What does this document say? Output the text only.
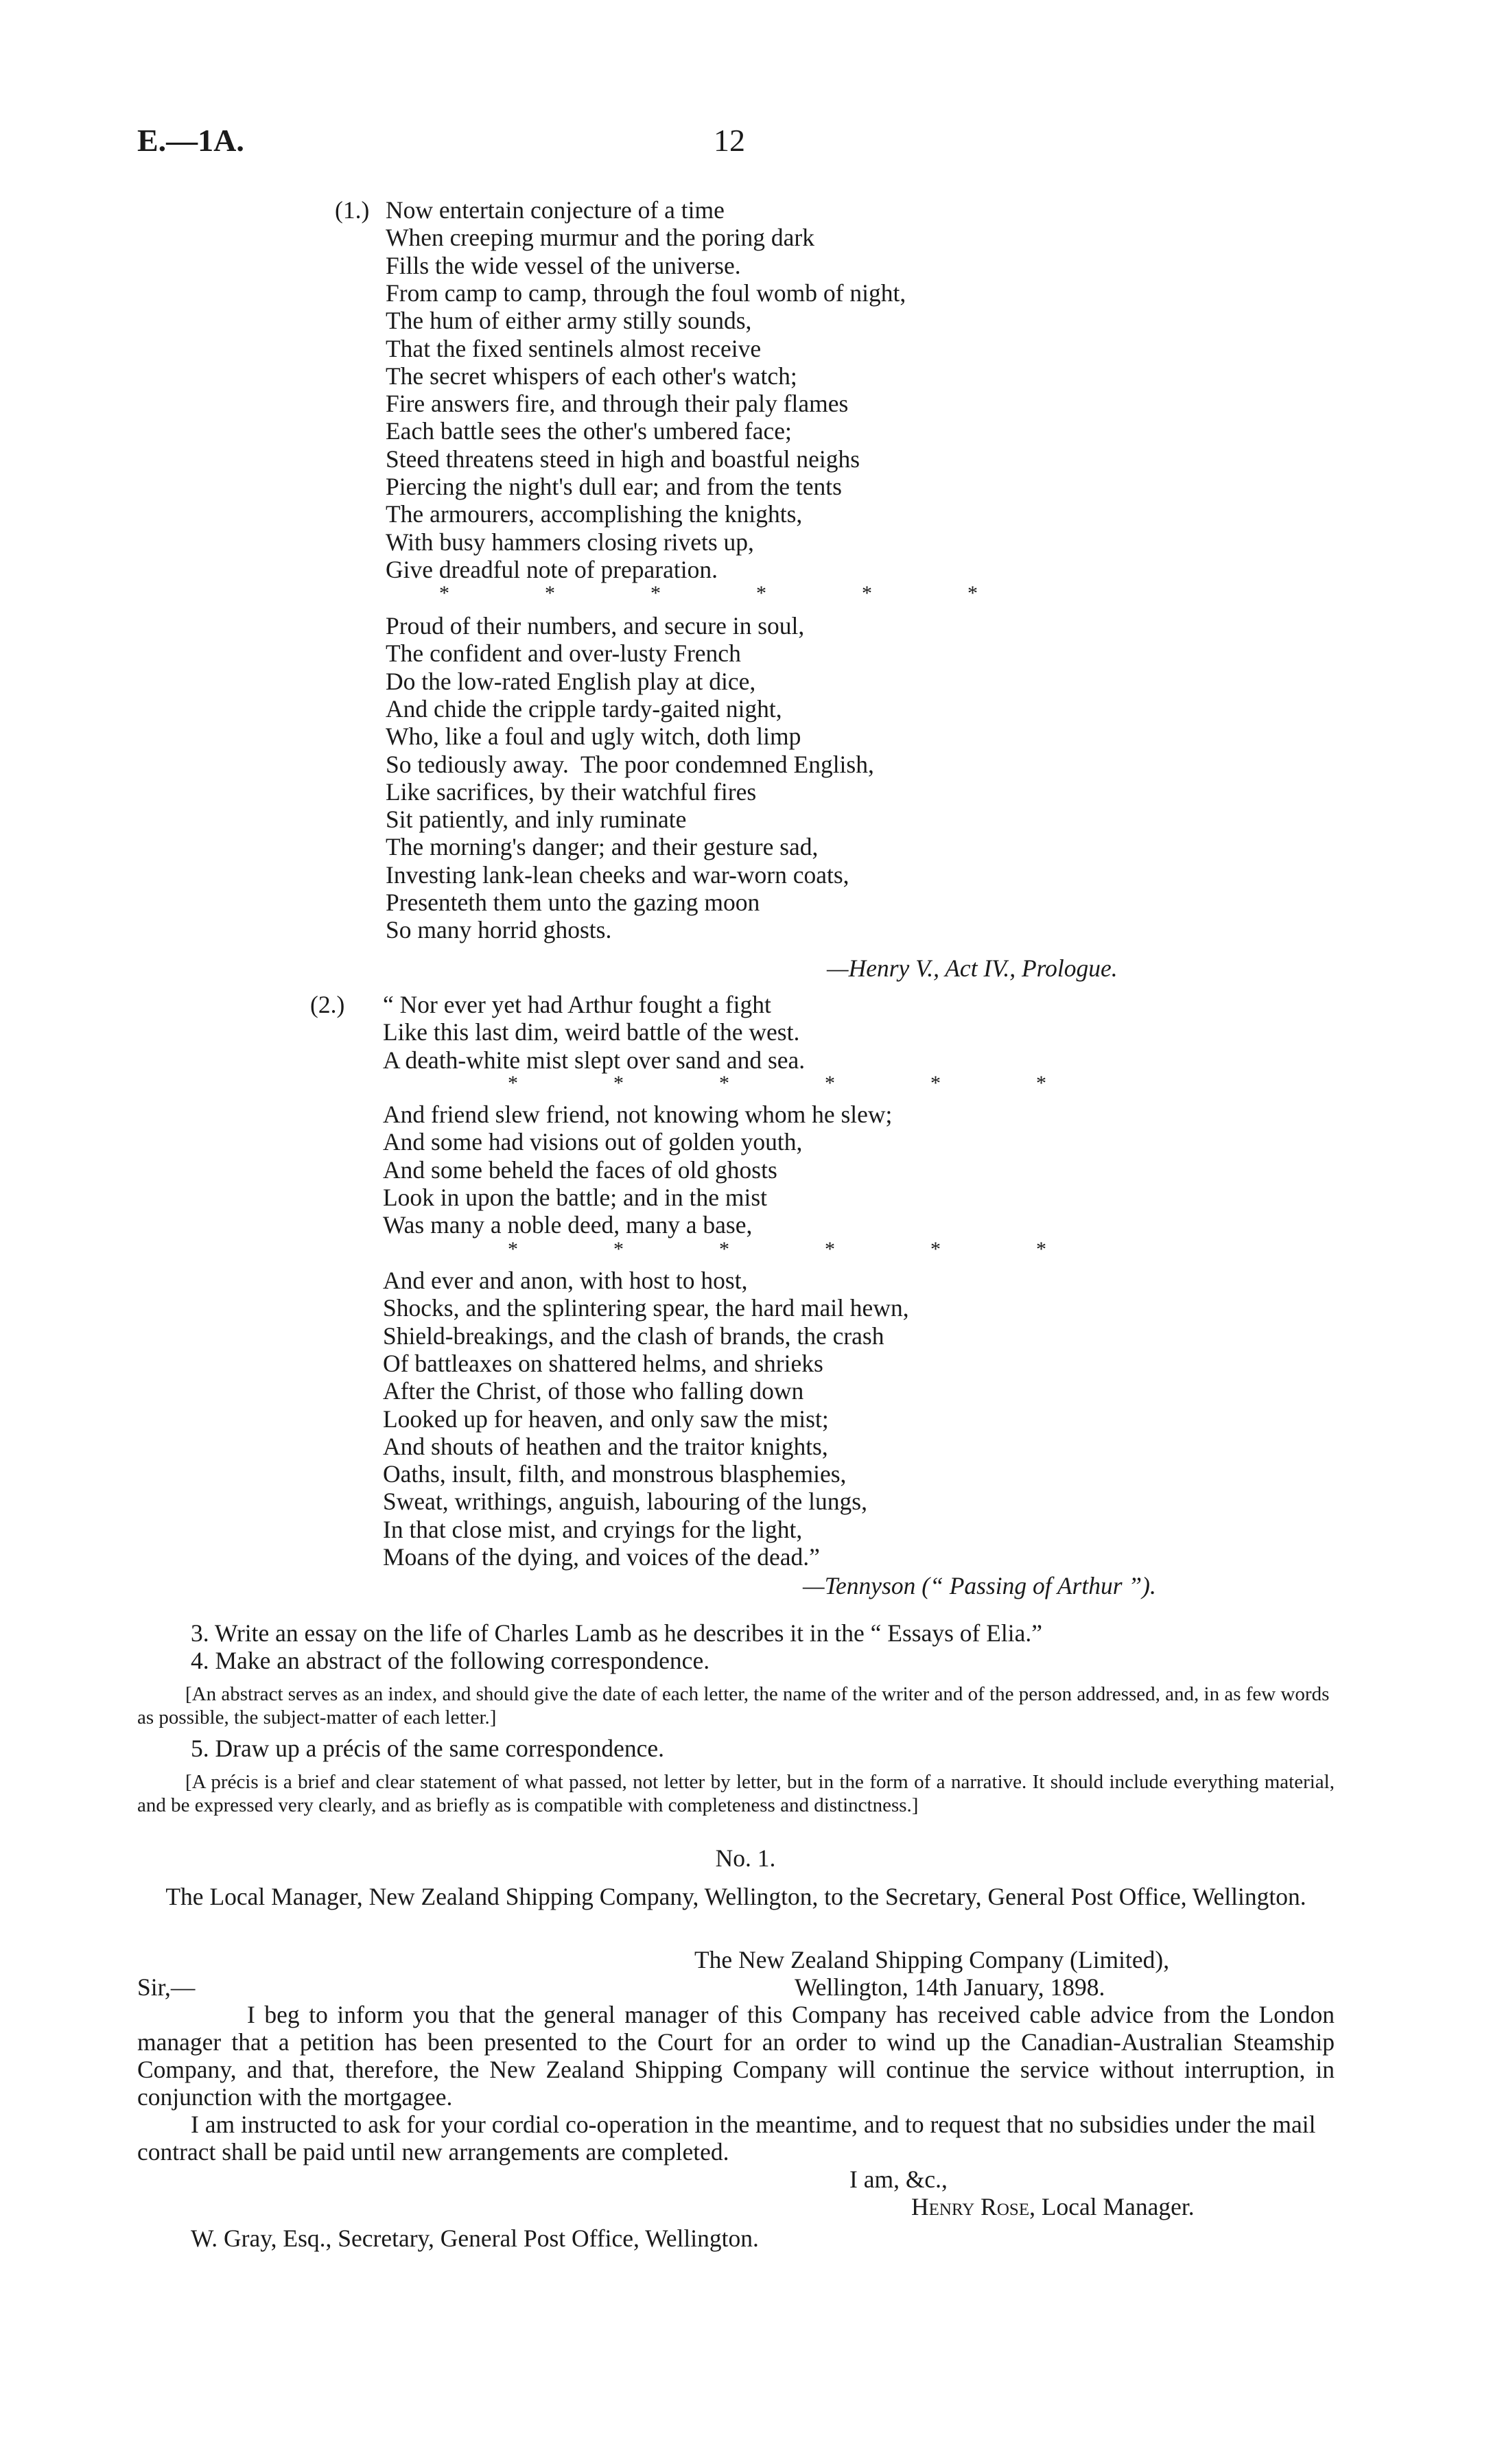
E.—1A.	12
(1.) Now entertain conjecture of a time
When creeping murmur and the poring dark
Fills the wide vessel of the universe.
From camp to camp, through the foul womb of night,
The hum of either army stilly sounds,
That the fixed sentinels almost receive
The secret whispers of each other's watch;
Fire answers fire, and through their paly flames
Each battle sees the other's umbered face;
Steed threatens steed in high and boastful neighs
Piercing the night's dull ear; and from the tents
The armourers, accomplishing the knights,
With busy hammers closing rivets up,
Give dreadful note of preparation.
*  *  *  *  *  *
Proud of their numbers, and secure in soul,
The confident and over-lusty French
Do the low-rated English play at dice,
And chide the cripple tardy-gaited night,
Who, like a foul and ugly witch, doth limp
So tediously away.  The poor condemned English,
Like sacrifices, by their watchful fires
Sit patiently, and inly ruminate
The morning's danger; and their gesture sad,
Investing lank-lean cheeks and war-worn coats,
Presenteth them unto the gazing moon
So many horrid ghosts.
—Henry V., Act IV., Prologue.
(2.) “ Nor ever yet had Arthur fought a fight
Like this last dim, weird battle of the west.
A death-white mist slept over sand and sea.
*  *  *  *  *  *
And friend slew friend, not knowing whom he slew;
And some had visions out of golden youth,
And some beheld the faces of old ghosts
Look in upon the battle; and in the mist
Was many a noble deed, many a base,
*  *  *  *  *  *
And ever and anon, with host to host,
Shocks, and the splintering spear, the hard mail hewn,
Shield-breakings, and the clash of brands, the crash
Of battleaxes on shattered helms, and shrieks
After the Christ, of those who falling down
Looked up for heaven, and only saw the mist;
And shouts of heathen and the traitor knights,
Oaths, insult, filth, and monstrous blasphemies,
Sweat, writhings, anguish, labouring of the lungs,
In that close mist, and cryings for the light,
Moans of the dying, and voices of the dead.”
—Tennyson (“ Passing of Arthur ”).
3. Write an essay on the life of Charles Lamb as he describes it in the “ Essays of Elia.”
4. Make an abstract of the following correspondence.
[An abstract serves as an index, and should give the date of each letter, the name of the writer and of the person addressed, and, in as few words as possible, the subject-matter of each letter.]
5. Draw up a précis of the same correspondence.
[A précis is a brief and clear statement of what passed, not letter by letter, but in the form of a narrative. It should include everything material, and be expressed very clearly, and as briefly as is compatible with completeness and distinctness.]
No. 1.
The Local Manager, New Zealand Shipping Company, Wellington, to the Secretary, General Post Office, Wellington.
The New Zealand Shipping Company (Limited),
Sir,—	Wellington, 14th January, 1898.
I beg to inform you that the general manager of this Company has received cable advice from the London manager that a petition has been presented to the Court for an order to wind up the Canadian-Australian Steamship Company, and that, therefore, the New Zealand Shipping Company will continue the service without interruption, in conjunction with the mortgagee.
I am instructed to ask for your cordial co-operation in the meantime, and to request that no subsidies under the mail contract shall be paid until new arrangements are completed.
I am, &c.,
Henry Rose, Local Manager.
W. Gray, Esq., Secretary, General Post Office, Wellington.
